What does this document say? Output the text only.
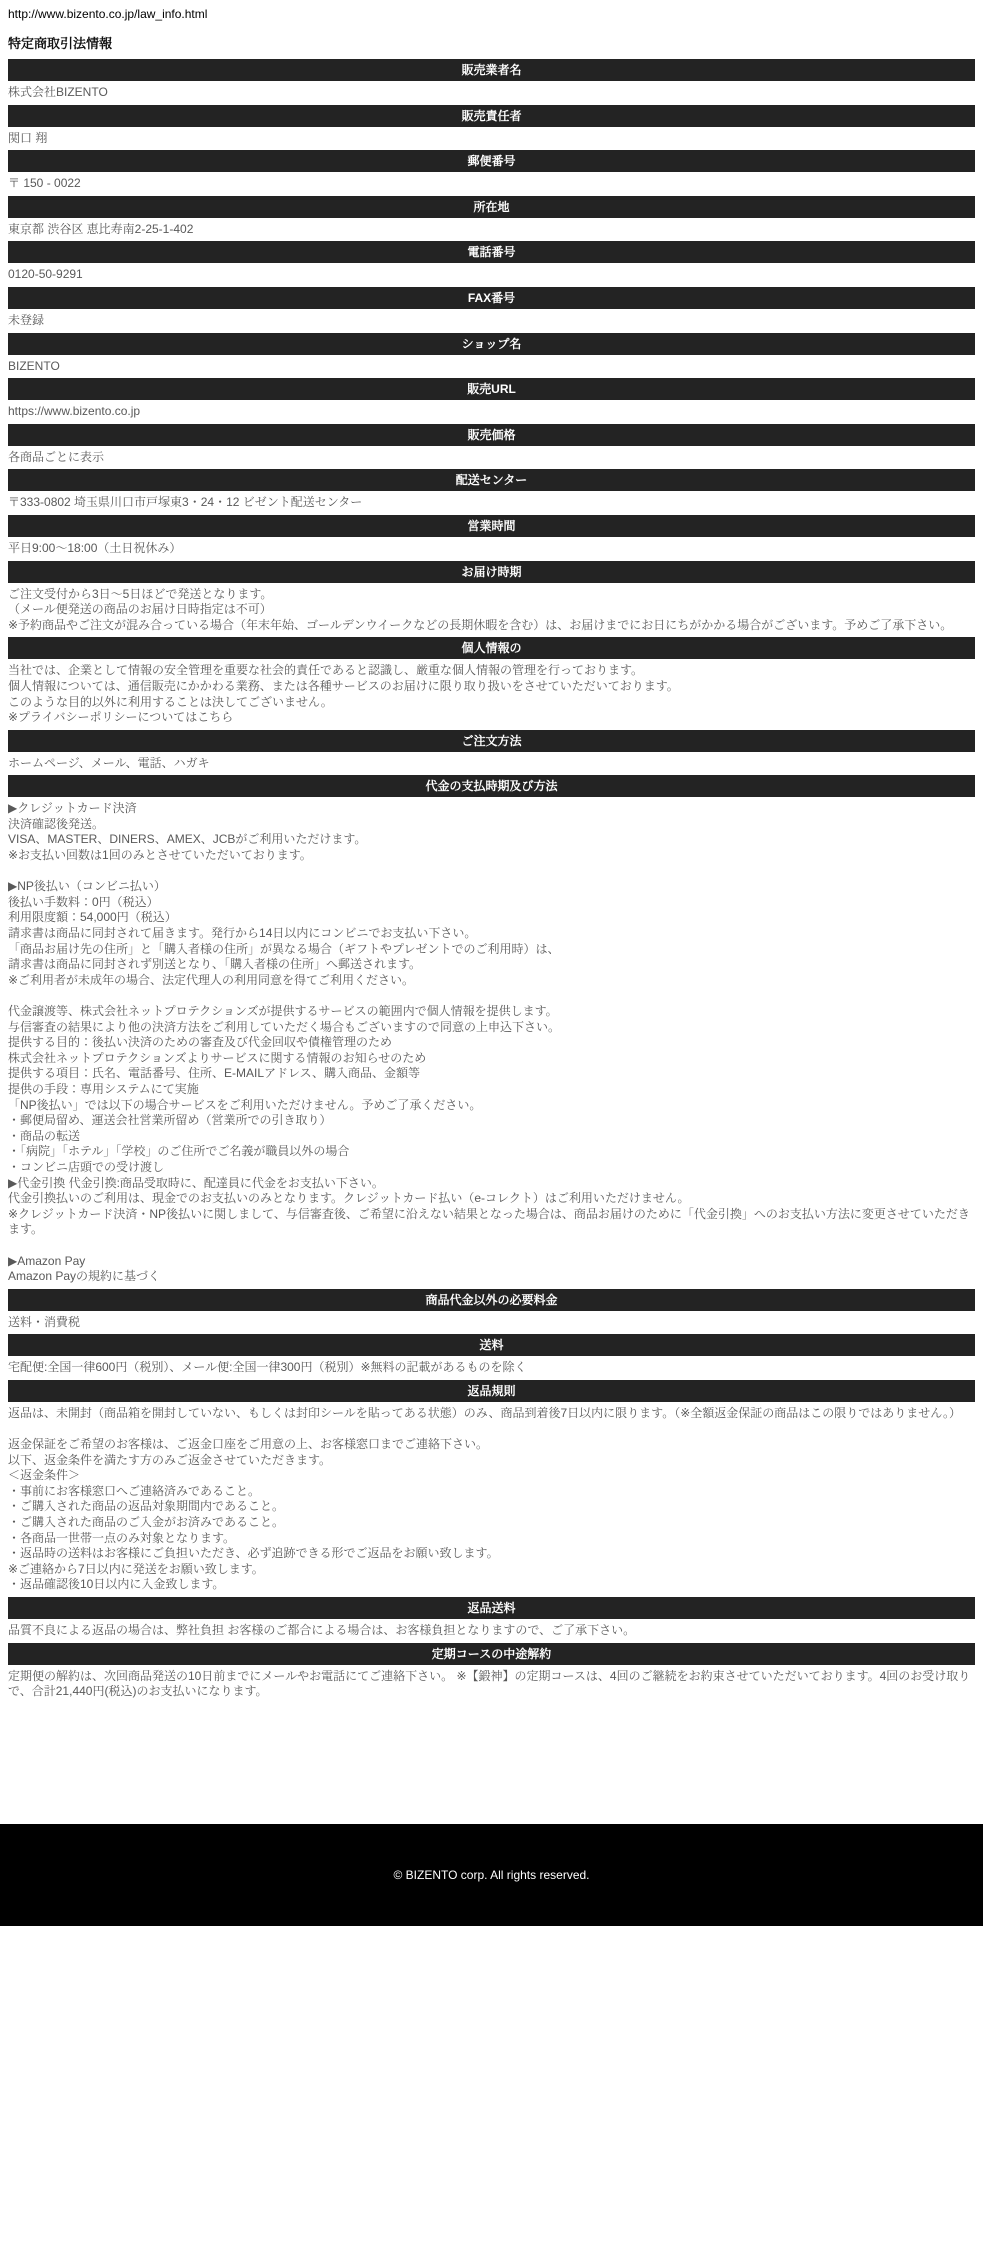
http://www.bizento.co.jp/law_info.html
特定商取引法情報
販売業者名

株式会社BIZENTO

販売責任者

関口 翔

郵便番号

〒 150 - 0022

所在地

東京都 渋谷区 恵比寿南2-25-1-402

電話番号

0120-50-9291

FAX番号

未登録

ショップ名

BIZENTO

販売URL

https://www.bizento.co.jp

販売価格

各商品ごとに表示

配送センター

〒333-0802 埼玉県川口市戸塚東3・24・12 ビゼント配送センター

営業時間

平日9:00～18:00（土日祝休み）

お届け時期

ご注文受付から3日～5日ほどで発送となります。

（メール便発送の商品のお届け日時指定は不可）

※予約商品やご注文が混み合っている場合（年末年始、ゴールデンウイークなどの長期休暇を含む）は、お届けまでにお日にちがかかる場合がございます。予めご了承下さい。

個人情報の

当社では、企業として情報の安全管理を重要な社会的責任であると認識し、厳重な個人情報の管理を行っております。

個人情報については、通信販売にかかわる業務、または各種サービスのお届けに限り取り扱いをさせていただいております。

このような目的以外に利用することは決してございません。

※プライバシーポリシーについてはこちら

ご注文方法

ホームページ、メール、電話、ハガキ

代金の支払時期及び方法

▶クレジットカード決済

決済確認後発送。

VISA、MASTER、DINERS、AMEX、JCBがご利用いただけます。

※お支払い回数は1回のみとさせていただいております。

▶NP後払い（コンビニ払い）

後払い手数料：0円（税込）

利用限度額：54,000円（税込）

請求書は商品に同封されて届きます。発行から14日以内にコンビニでお支払い下さい。

「商品お届け先の住所」と「購入者様の住所」が異なる場合（ギフトやプレゼントでのご利用時）は、

請求書は商品に同封されず別送となり、「購入者様の住所」へ郵送されます。

※ご利用者が未成年の場合、法定代理人の利用同意を得てご利用ください。

代金譲渡等、株式会社ネットプロテクションズが提供するサービスの範囲内で個人情報を提供します。

与信審査の結果により他の決済方法をご利用していただく場合もございますので同意の上申込下さい。

提供する目的：後払い決済のための審査及び代金回収や債権管理のため

株式会社ネットプロテクションズよりサービスに関する情報のお知らせのため

提供する項目：氏名、電話番号、住所、E-MAILアドレス、購入商品、金額等

提供の手段：専用システムにて実施

「NP後払い」では以下の場合サービスをご利用いただけません。予めご了承ください。

・郵便局留め、運送会社営業所留め（営業所での引き取り）

・商品の転送

・「病院」「ホテル」「学校」のご住所でご名義が職員以外の場合

・コンビニ店頭での受け渡し

▶代金引換 代金引換:商品受取時に、配達員に代金をお支払い下さい。

代金引換払いのご利用は、現金でのお支払いのみとなります。クレジットカード払い（e-コレクト）はご利用いただけません。

※クレジットカード決済・NP後払いに関しまして、与信審査後、ご希望に沿えない結果となった場合は、商品お届けのために「代金引換」へのお支払い方法に変更させていただきます。

▶Amazon Pay

Amazon Payの規約に基づく

商品代金以外の必要料金

送料・消費税

送料

宅配便:全国一律600円（税別）、メール便:全国一律300円（税別）※無料の記載があるものを除く

返品規則

返品は、未開封（商品箱を開封していない、もしくは封印シールを貼ってある状態）のみ、商品到着後7日以内に限ります。（※全額返金保証の商品はこの限りではありません。）

返金保証をご希望のお客様は、ご返金口座をご用意の上、お客様窓口までご連絡下さい。

以下、返金条件を満たす方のみご返金させていただきます。

＜返金条件＞

・事前にお客様窓口へご連絡済みであること。

・ご購入された商品の返品対象期間内であること。

・ご購入された商品のご入金がお済みであること。

・各商品一世帯一点のみ対象となります。

・返品時の送料はお客様にご負担いただき、必ず追跡できる形でご返品をお願い致します。

※ご連絡から7日以内に発送をお願い致します。

・返品確認後10日以内に入金致します。

返品送料

品質不良による返品の場合は、弊社負担 お客様のご都合による場合は、お客様負担となりますので、ご了承下さい。

定期コースの中途解約

定期便の解約は、次回商品発送の10日前までにメールやお電話にてご連絡下さい。 ※【鍛神】の定期コースは、4回のご継続をお約束させていただいております。4回のお受け取りで、合計21,440円(税込)のお支払いになります。

© BIZENTO corp. All rights reserved.
